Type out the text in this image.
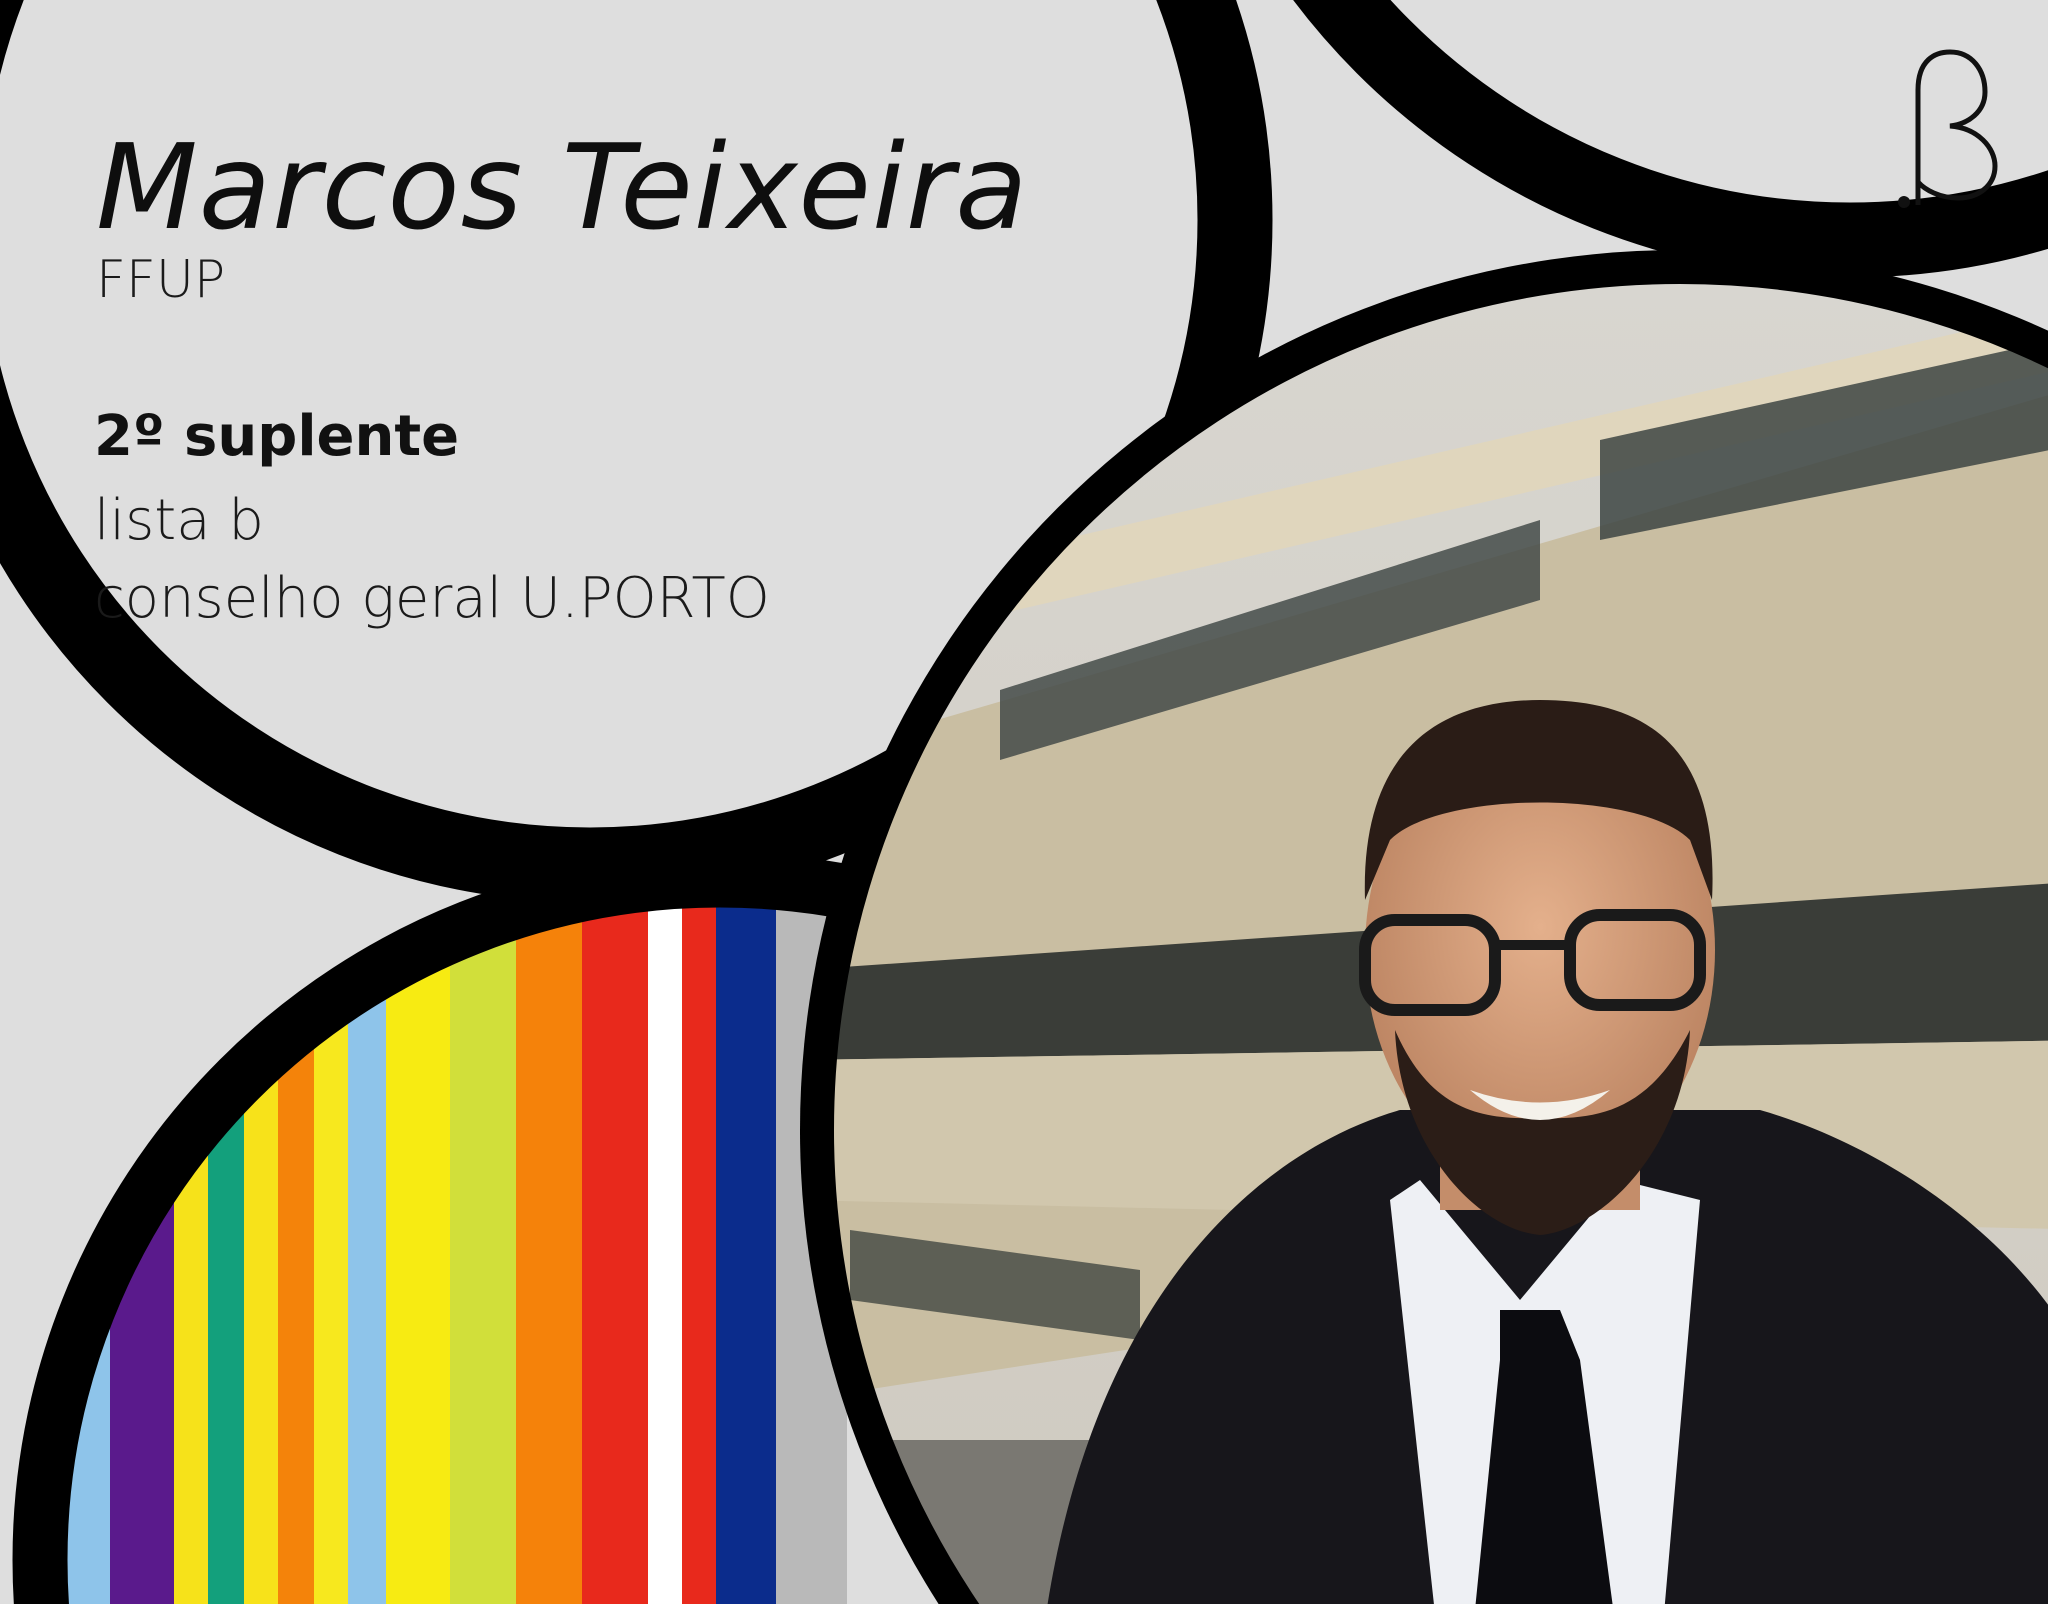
Marcos Teixeira
FFUP
2º suplente
lista b
conselho geral U.PORTO
